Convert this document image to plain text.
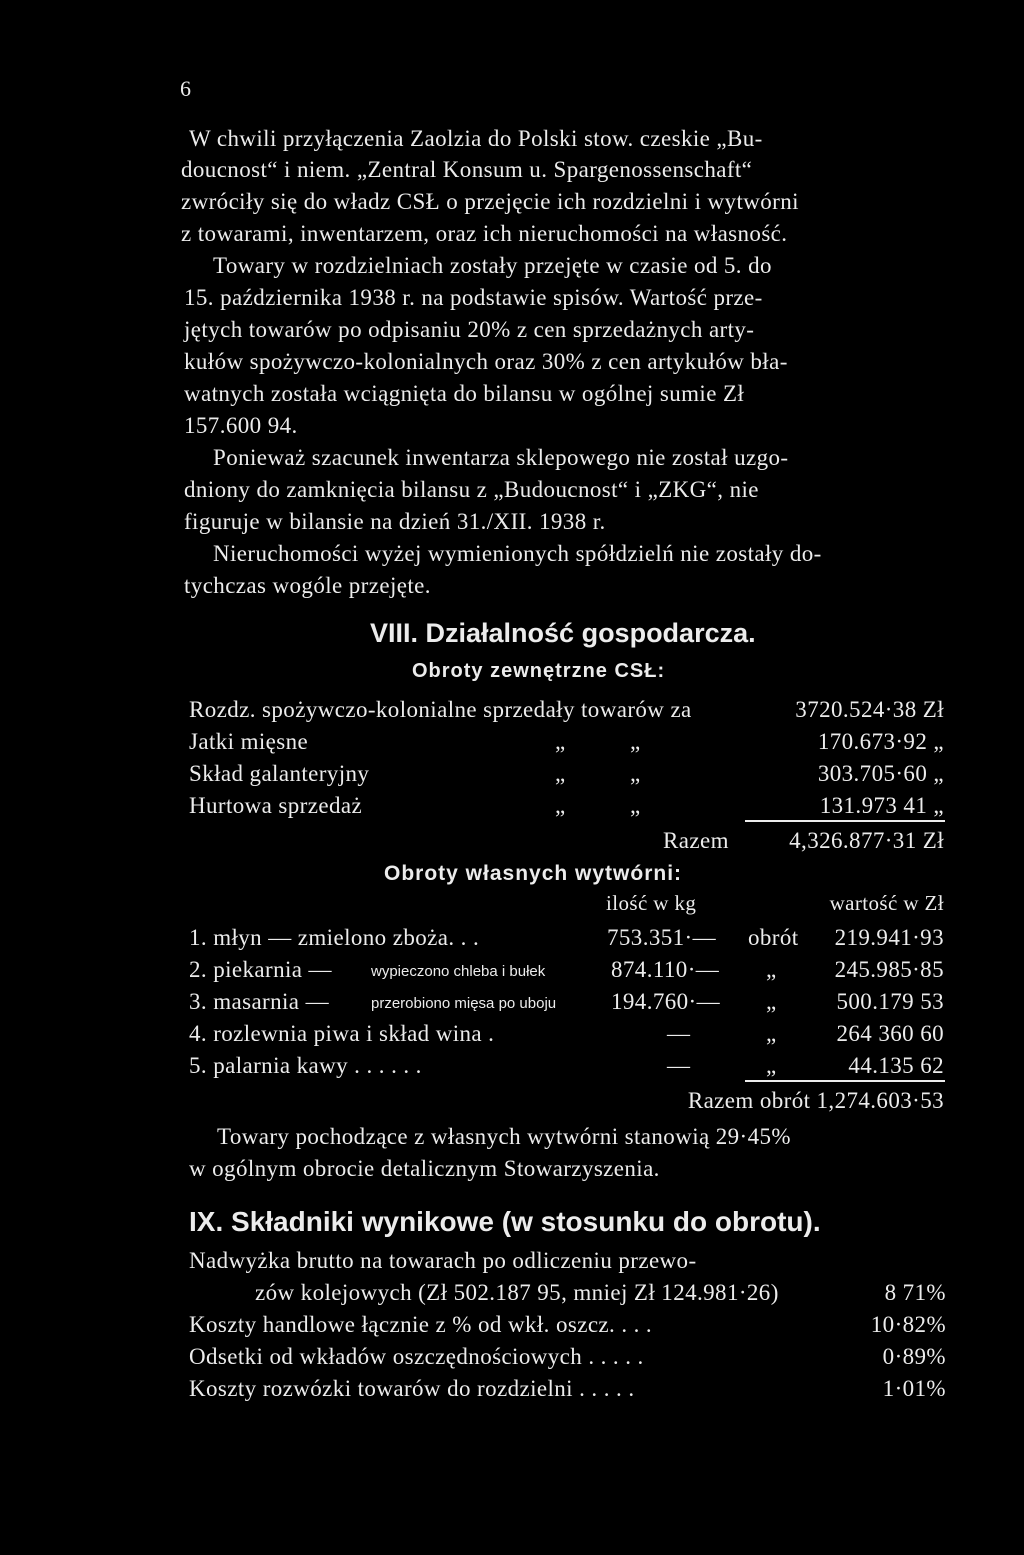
6
W chwili przyłączenia Zaolzia do Polski stow. czeskie „Bu-
doucnost“ i niem. „Zentral Konsum u. Spargenossenschaft“
zwróciły się do władz CSŁ o przejęcie ich rozdzielni i wytwórni
z towarami, inwentarzem, oraz ich nieruchomości na własność.
Towary w rozdzielniach zostały przejęte w czasie od 5. do
15. października 1938 r. na podstawie spisów. Wartość prze-
jętych towarów po odpisaniu 20% z cen sprzedażnych arty-
kułów spożywczo-kolonialnych oraz 30% z cen artykułów bła-
watnych została wciągnięta do bilansu w ogólnej sumie Zł
157.600 94.
Ponieważ szacunek inwentarza sklepowego nie został uzgo-
dniony do zamknięcia bilansu z „Budoucnost“ i „ZKG“, nie
figuruje w bilansie na dzień 31./XII. 1938 r.
Nieruchomości wyżej wymienionych spółdzielń nie zostały do-
tychczas wogóle przejęte.
VIII. Działalność gospodarcza.
Obroty zewnętrzne CSŁ:
Rozdz. spożywczo-kolonialne sprzedały towarów za	3720.524·38 Zł
Jatki mięsne	„	„	170.673·92 „
Skład galanteryjny	„	„	303.705·60 „
Hurtowa sprzedaż	„	„	131.973 41 „
Razem	4,326.877·31 Zł
Obroty własnych wytwórni:
ilość w kg	wartość w Zł
1. młyn — zmielono zboża. . .	753.351·— obrót 219.941·93
2. piekarnia —	wypieczono chleba i bułek	874.110·— „	245.985·85
3. masarnia —	przerobiono mięsa po uboju 194.760·— „	500.179 53
4. rozlewnia piwa i skład wina .	—	„	264 360 60
5. palarnia kawy . . . . . .	—	„	44.135 62
Razem obrót 1,274.603·53
Towary pochodzące z własnych wytwórni stanowią 29·45%
w ogólnym obrocie detalicznym Stowarzyszenia.
IX. Składniki wynikowe (w stosunku do obrotu).
Nadwyżka brutto na towarach po odliczeniu przewo-
zów kolejowych (Zł 502.187 95, mniej Zł 124.981·26)	8 71%
Koszty handlowe łącznie z % od wkł. oszcz. . . .	10·82%
Odsetki od wkładów oszczędnościowych . . . . .	0·89%
Koszty rozwózki towarów do rozdzielni . . . . .	1·01%
